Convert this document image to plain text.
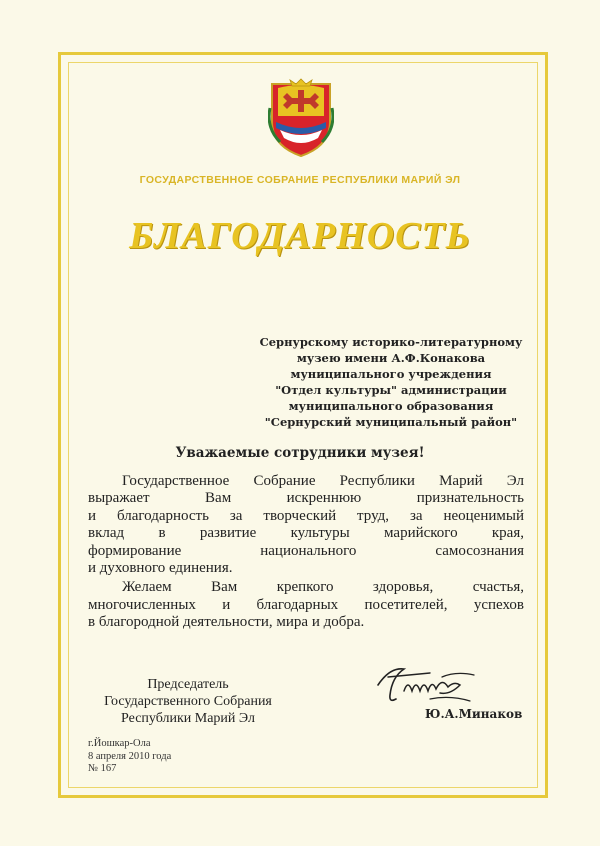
ГОСУДАРСТВЕННОЕ СОБРАНИЕ РЕСПУБЛИКИ МАРИЙ ЭЛ
БЛАГОДАРНОСТЬ
Сернурскому историко-литературному
музею имени А.Ф.Конакова
муниципального учреждения
"Отдел культуры" администрации
муниципального образования
"Сернурский муниципальный район"
Уважаемые сотрудники музея!

Государственное Собрание Республики Марий Эл
выражает Вам искреннюю признательность
и благодарность за творческий труд, за неоценимый
вклад в развитие культуры марийского края,
формирование национального самосознания
и духовного единения.

Желаем Вам крепкого здоровья, счастья,
многочисленных и благодарных посетителей, успехов
в благородной деятельности, мира и добра.

Председатель
Государственного Собрания
Республики Марий Эл	Ю.А.Минаков
г.Йошкар-Ола
8 апреля 2010 года
№ 167
